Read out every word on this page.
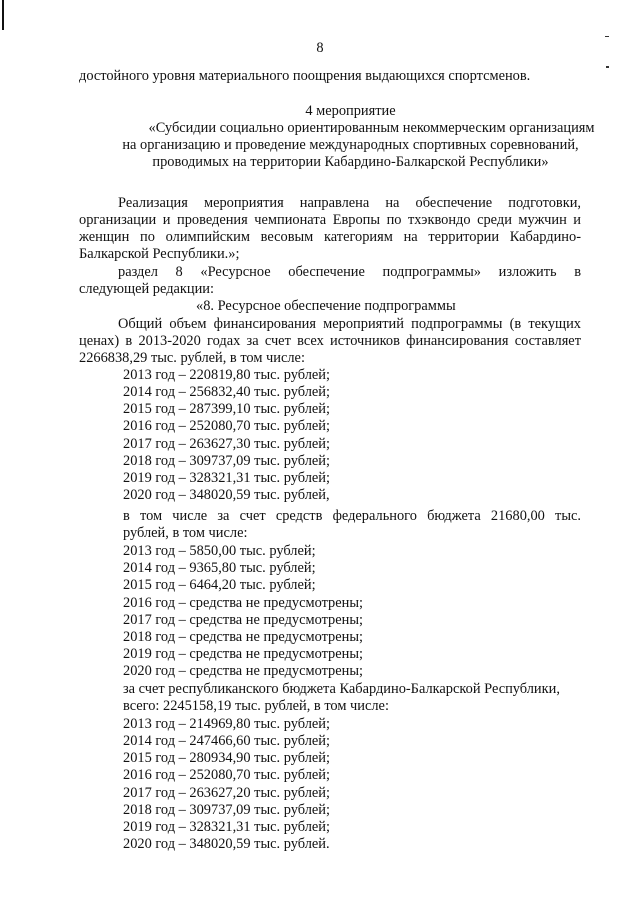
8
достойного уровня материального поощрения выдающихся спортсменов.
4 мероприятие
«Субсидии социально ориентированным некоммерческим организациям
на организацию и проведение международных спортивных соревнований,
проводимых на территории Кабардино-Балкарской Республики»
Реализация мероприятия направлена на обеспечение подготовки,
организации и проведения чемпионата Европы по тхэквондо среди мужчин и
женщин по олимпийским весовым категориям на территории Кабардино-
Балкарской Республики.»;
раздел 8 «Ресурсное обеспечение подпрограммы» изложить в
следующей редакции:
«8. Ресурсное обеспечение подпрограммы
Общий объем финансирования мероприятий подпрограммы (в текущих
ценах) в 2013-2020 годах за счет всех источников финансирования составляет
2266838,29 тыс. рублей, в том числе:
2013 год – 220819,80 тыс. рублей;
2014 год – 256832,40 тыс. рублей;
2015 год – 287399,10 тыс. рублей;
2016 год – 252080,70 тыс. рублей;
2017 год – 263627,30 тыс. рублей;
2018 год – 309737,09 тыс. рублей;
2019 год – 328321,31 тыс. рублей;
2020 год – 348020,59 тыс. рублей,
в том числе за счет средств федерального бюджета 21680,00 тыс.
рублей, в том числе:
2013 год – 5850,00 тыс. рублей;
2014 год – 9365,80 тыс. рублей;
2015 год – 6464,20 тыс. рублей;
2016 год – средства не предусмотрены;
2017 год – средства не предусмотрены;
2018 год – средства не предусмотрены;
2019 год – средства не предусмотрены;
2020 год – средства не предусмотрены;
за счет республиканского бюджета Кабардино-Балкарской Республики,
всего: 2245158,19 тыс. рублей, в том числе:
2013 год – 214969,80 тыс. рублей;
2014 год – 247466,60 тыс. рублей;
2015 год – 280934,90 тыс. рублей;
2016 год – 252080,70 тыс. рублей;
2017 год – 263627,20 тыс. рублей;
2018 год – 309737,09 тыс. рублей;
2019 год – 328321,31 тыс. рублей;
2020 год – 348020,59 тыс. рублей.
